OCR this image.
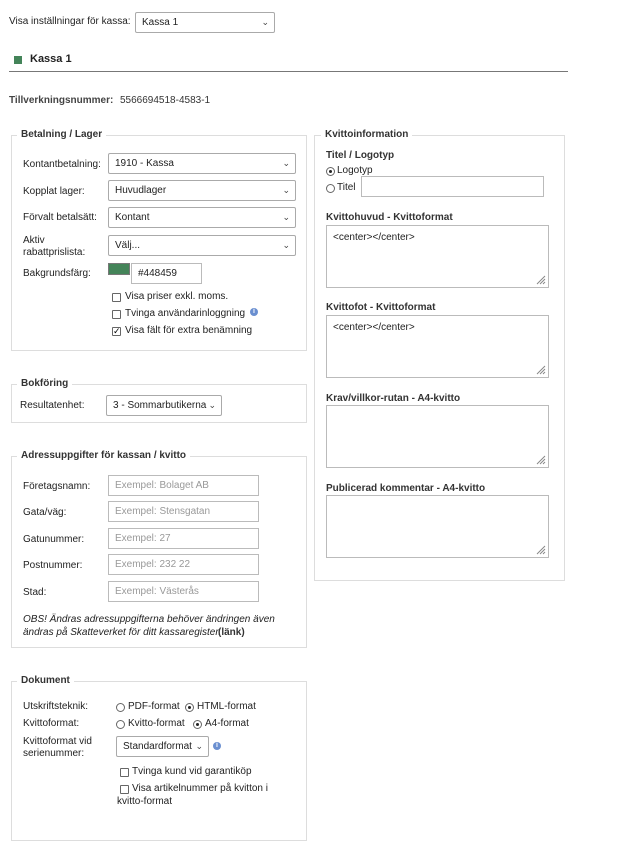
Visa inställningar för kassa:	Kassa 1	⌄
Kassa 1
Tillverkningsnummer: 5566694518-4583-1
Betalning / Lager
Kontantbetalning:	1910 - Kassa	⌄
Kopplat lager:	Huvudlager	⌄
Förvalt betalsätt:	Kontant	⌄
Aktiv
rabattprislista:
Välj...	⌄
Bakgrundsfärg:	#448459
Visa priser exkl. moms.
Tvinga användarinloggning	i
✓ Visa fält för extra benämning
Bokföring
Resultatenhet:	3 - Sommarbutikerna ⌄
Adressuppgifter för kassan / kvitto
Företagsnamn:	Exempel: Bolaget AB
Gata/väg:	Exempel: Stensgatan
Gatunummer:	Exempel: 27
Postnummer:	Exempel: 232 22
Stad:	Exempel: Västerås
OBS! Ändras adressuppgifterna behöver ändringen även
ändras på Skatteverket för ditt kassaregister.
(länk)
Dokument
Utskriftsteknik:	PDF-format HTML-format
Kvittoformat:	Kvitto-format A4-format
Kvittoformat vid
serienummer:
Standardformat ⌄	i
Tvinga kund vid garantiköp
Visa artikelnummer på kvitton i
kvitto-format
Kvittoinformation
Titel / Logotyp
Logotyp
Titel
Kvittohuvud - Kvittoformat
<center></center>
Kvittofot - Kvittoformat
<center></center>
Krav/villkor-rutan - A4-kvitto
Publicerad kommentar - A4-kvitto
